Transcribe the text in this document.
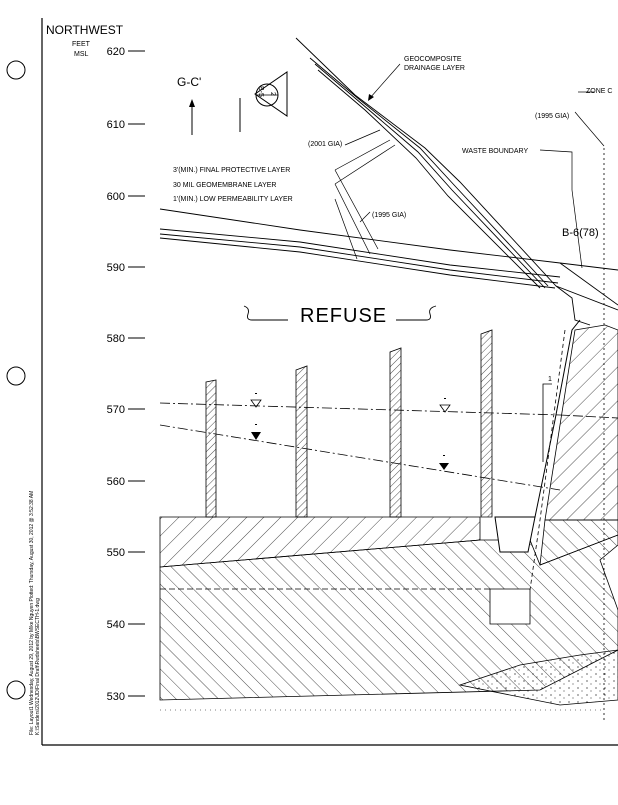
NORTHWEST
FEET
MSL 620
610
600
590
580
570
560
550
540
530
G-C'
2
B-5
GEOCOMPOSITE
DRAINAGE LAYER
(2001 GIA)
(1995 GIA)
(1995 GIA)
ZONE C
WASTE BOUNDARY
3'(MIN.) FINAL PROTECTIVE LAYER
30 MIL GEOMEMBRANE LAYER
1'(MIN.) LOW PERMEABILITY LAYER
B-6(78)
REFUSE
1
File: Layout1 Wednesday, August 29, 2012 by Mike Nguyen Plotted: Thursday, August 30, 2012 @ 3:52:38 AM K:\Sanders\2012\JD\Final Draft\Rwdsheets\BWSECTH-1.dwg
